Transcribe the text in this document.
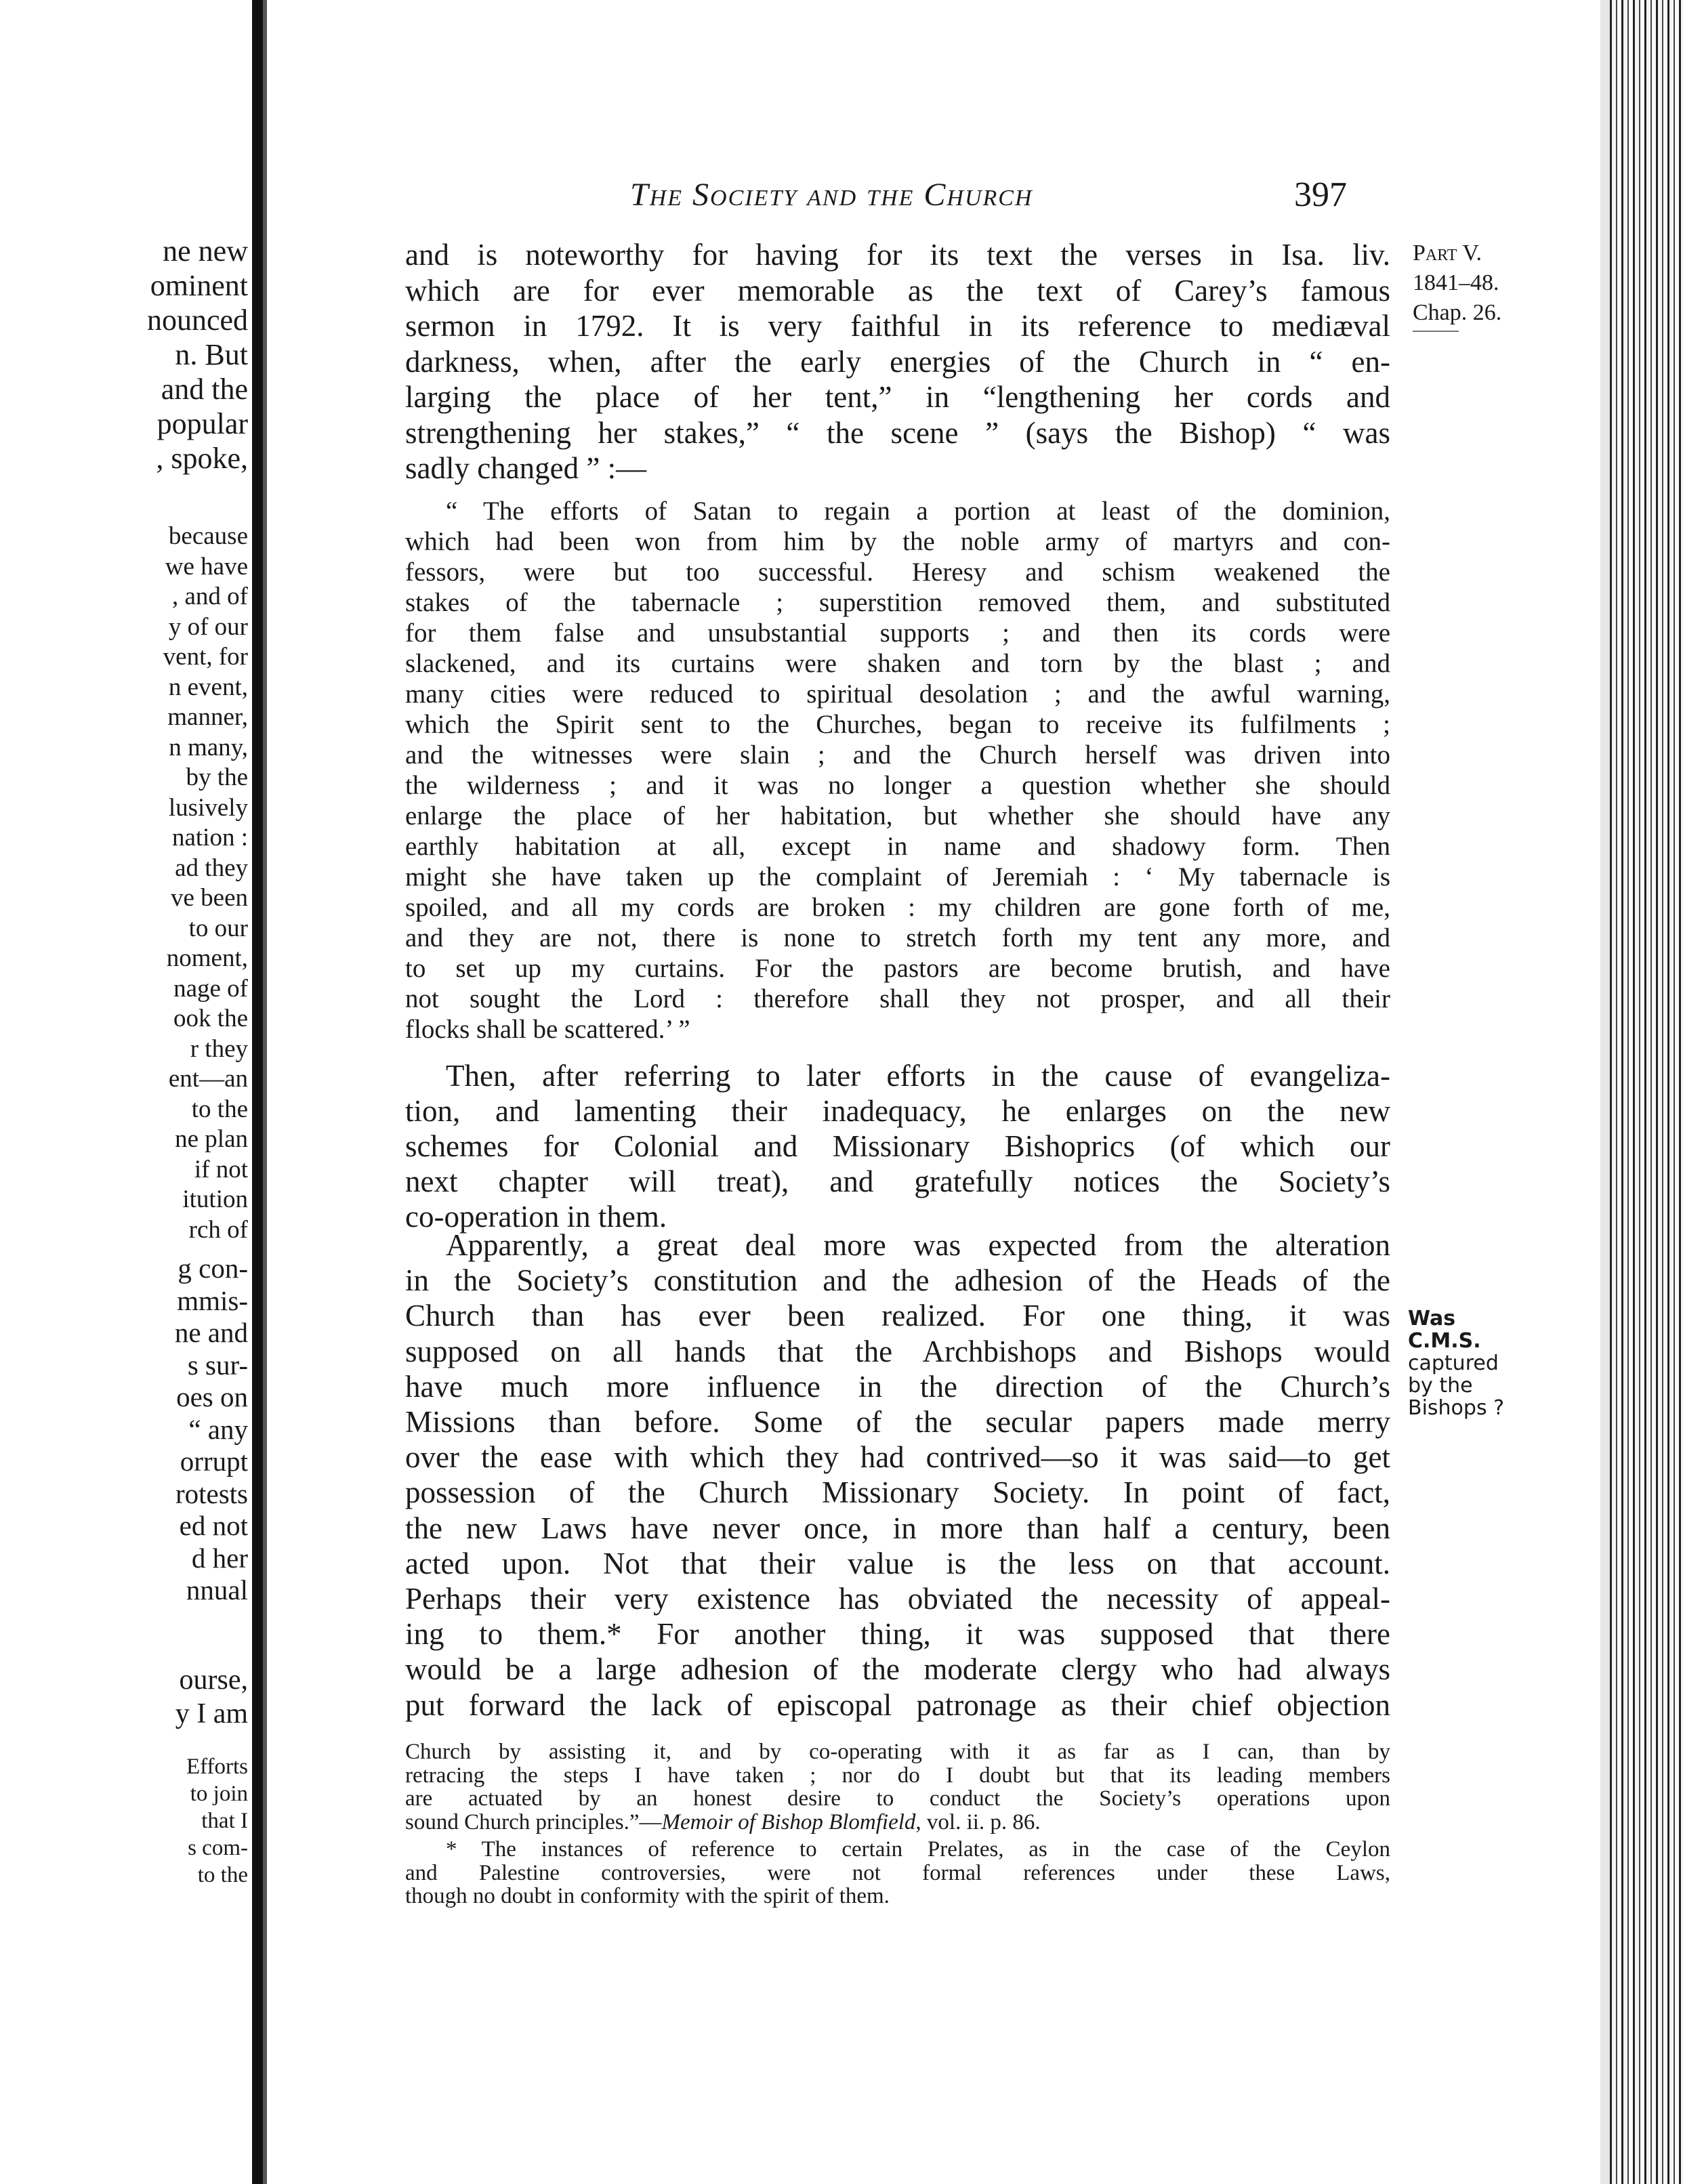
ne new
ominent
nounced
n. But
and the
popular
, spoke,
because
we have
, and of
y of our
vent, for
n event,
manner,
n many,
by the
lusively
nation :
ad they
ve been
to our
noment,
nage of
ook the
r they
ent—an
to the
ne plan
if not
itution
rch of
g con-
mmis-
ne and
s sur-
oes on
“ any
orrupt
rotests
ed not
d her
nnual
ourse,
y I am
Efforts
to join
that I
s com-
to the
The Society and the Church	397
Part V.
1841–48.
Chap. 26.
Was
C.M.S.
captured
by the
Bishops ?
and is noteworthy for having for its text the verses in Isa. liv.
which are for ever memorable as the text of Carey’s famous
sermon in 1792. It is very faithful in its reference to mediæval
darkness, when, after the early energies of the Church in “ en-
larging the place of her tent,” in “lengthening her cords and
strengthening her stakes,” “ the scene ” (says the Bishop) “ was
sadly changed ” :—
“ The efforts of Satan to regain a portion at least of the dominion,
which had been won from him by the noble army of martyrs and con-
fessors, were but too successful. Heresy and schism weakened the
stakes of the tabernacle ; superstition removed them, and substituted
for them false and unsubstantial supports ; and then its cords were
slackened, and its curtains were shaken and torn by the blast ; and
many cities were reduced to spiritual desolation ; and the awful warning,
which the Spirit sent to the Churches, began to receive its fulfilments ;
and the witnesses were slain ; and the Church herself was driven into
the wilderness ; and it was no longer a question whether she should
enlarge the place of her habitation, but whether she should have any
earthly habitation at all, except in name and shadowy form. Then
might she have taken up the complaint of Jeremiah : ‘ My tabernacle is
spoiled, and all my cords are broken : my children are gone forth of me,
and they are not, there is none to stretch forth my tent any more, and
to set up my curtains. For the pastors are become brutish, and have
not sought the Lord : therefore shall they not prosper, and all their
flocks shall be scattered.’ ”
Then, after referring to later efforts in the cause of evangeliza-
tion, and lamenting their inadequacy, he enlarges on the new
schemes for Colonial and Missionary Bishoprics (of which our
next chapter will treat), and gratefully notices the Society’s
co-operation in them.
Apparently, a great deal more was expected from the alteration
in the Society’s constitution and the adhesion of the Heads of the
Church than has ever been realized. For one thing, it was
supposed on all hands that the Archbishops and Bishops would
have much more influence in the direction of the Church’s
Missions than before. Some of the secular papers made merry
over the ease with which they had contrived—so it was said—to get
possession of the Church Missionary Society. In point of fact,
the new Laws have never once, in more than half a century, been
acted upon. Not that their value is the less on that account.
Perhaps their very existence has obviated the necessity of appeal-
ing to them.* For another thing, it was supposed that there
would be a large adhesion of the moderate clergy who had always
put forward the lack of episcopal patronage as their chief objection
Church by assisting it, and by co-operating with it as far as I can, than by
retracing the steps I have taken ; nor do I doubt but that its leading members
are actuated by an honest desire to conduct the Society’s operations upon
sound Church principles.”—Memoir of Bishop Blomfield, vol. ii. p. 86.
* The instances of reference to certain Prelates, as in the case of the Ceylon
and Palestine controversies, were not formal references under these Laws,
though no doubt in conformity with the spirit of them.
